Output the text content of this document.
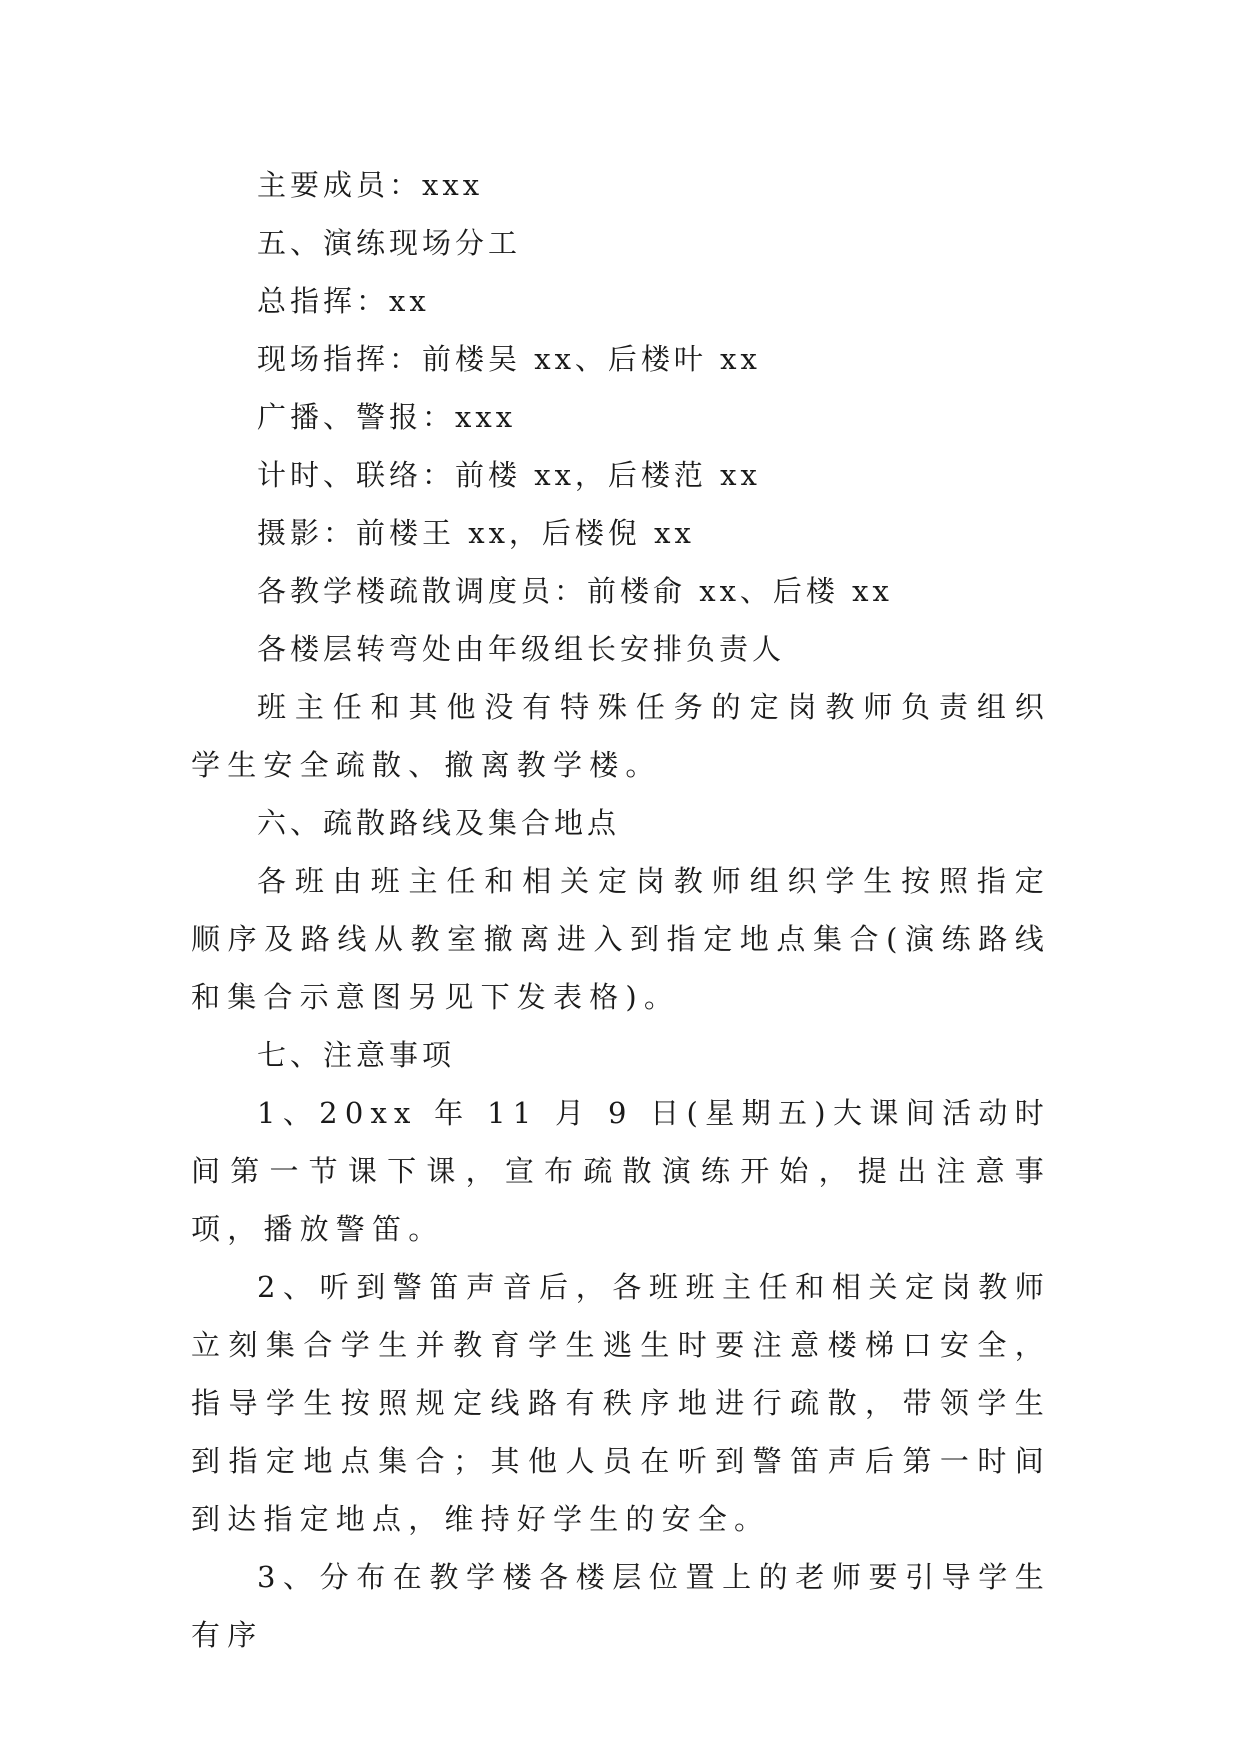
主要成员：xxx
五、演练现场分工
总指挥：xx
现场指挥：前楼吴 xx、后楼叶 xx
广播、警报：xxx
计时、联络：前楼 xx，后楼范 xx
摄影：前楼王 xx，后楼倪 xx
各教学楼疏散调度员：前楼俞 xx、后楼 xx
各楼层转弯处由年级组长安排负责人

班主任和其他没有特殊任务的定岗教师负责组织学生安全疏散、撤离教学楼。

六、疏散路线及集合地点

各班由班主任和相关定岗教师组织学生按照指定顺序及路线从教室撤离进入到指定地点集合(演练路线和集合示意图另见下发表格)。

七、注意事项

1、20xx 年 11 月 9 日(星期五)大课间活动时间第一节课下课，宣布疏散演练开始，提出注意事项，播放警笛。

2、听到警笛声音后，各班班主任和相关定岗教师立刻集合学生并教育学生逃生时要注意楼梯口安全，指导学生按照规定线路有秩序地进行疏散，带领学生到指定地点集合；其他人员在听到警笛声后第一时间到达指定地点，维持好学生的安全。

3、分布在教学楼各楼层位置上的老师要引导学生有序
